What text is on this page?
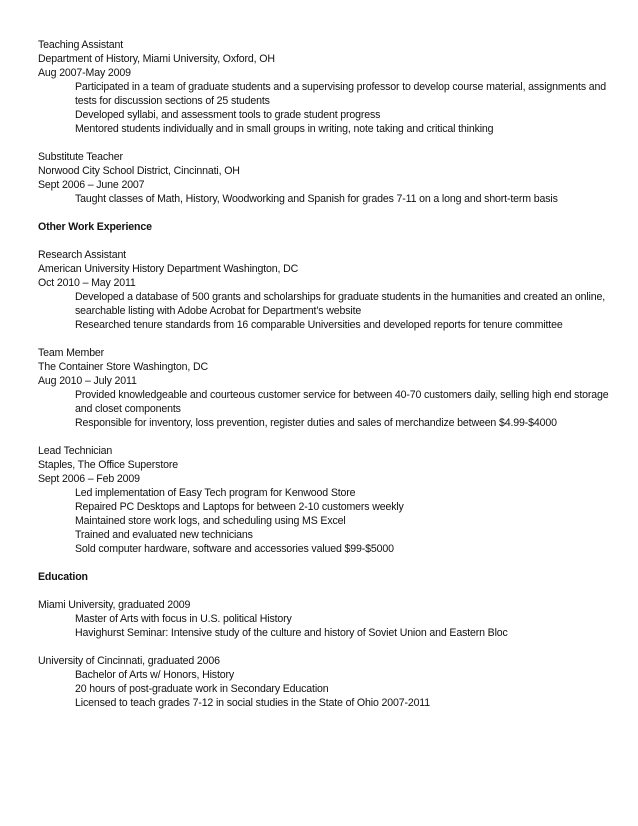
Teaching Assistant
Department of History, Miami University, Oxford, OH
Aug 2007-May 2009
Participated in a team of graduate students and a supervising professor to develop course material, assignments and tests for discussion sections of 25 students
Developed syllabi, and assessment tools to grade student progress
Mentored students individually and in small groups in writing, note taking and critical thinking
Substitute Teacher
Norwood City School District, Cincinnati, OH
Sept 2006 – June 2007
Taught classes of Math, History, Woodworking and Spanish for grades 7-11 on a long and short-term basis
Other Work Experience
Research Assistant
American University History Department Washington, DC
Oct 2010 – May 2011
Developed a database of 500 grants and scholarships for graduate students in the humanities and created an online, searchable listing with Adobe Acrobat for Department’s website
Researched tenure standards from 16 comparable Universities and developed reports for tenure committee
Team Member
The Container Store Washington, DC
Aug 2010 – July 2011
Provided knowledgeable and courteous customer service for between 40-70 customers daily, selling high end storage and closet components
Responsible for inventory, loss prevention, register duties and sales of merchandize between $4.99-$4000
Lead Technician
Staples, The Office Superstore
Sept 2006 – Feb 2009
Led implementation of Easy Tech program for Kenwood Store
Repaired PC Desktops and Laptops for between 2-10 customers weekly
Maintained store work logs, and scheduling using MS Excel
Trained and evaluated new technicians
Sold computer hardware, software and accessories valued $99-$5000
Education
Miami University, graduated 2009
Master of Arts with focus in U.S. political History
Havighurst Seminar: Intensive study of the culture and history of Soviet Union and Eastern Bloc
University of Cincinnati, graduated 2006
Bachelor of Arts w/ Honors, History
20 hours of post-graduate work in Secondary Education
Licensed to teach grades 7-12 in social studies in the State of Ohio 2007-2011
